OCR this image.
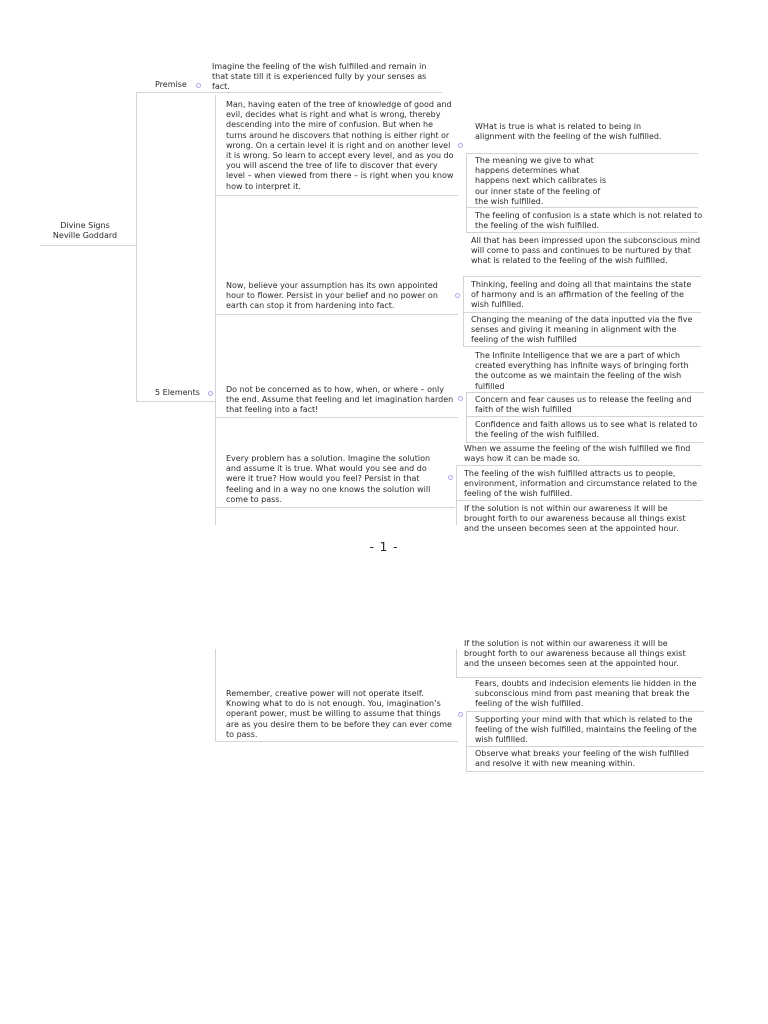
Divine Signs
Neville Goddard
Premise
Imagine the feeling of the wish fulfilled and remain in that state till it is experienced fully by your senses as fact.
5 Elements
Man, having eaten of the tree of knowledge of good and evil, decides what is right and what is wrong, thereby descending into the mire of confusion. But when he turns around he discovers that nothing is either right or wrong. On a certain level it is right and on another level it is wrong. So learn to accept every level, and as you do you will ascend the tree of life to discover that every level – when viewed from there – is right when you know how to interpret it.
WHat is true is what is related to being in alignment with the feeling of the wish fulfilled.
The meaning we give to what happens determines what happens next which calibrates is our inner state of the feeling of the wish fulfilled.
The feeling of confusion is a state which is not related to the feeling of the wish fulfilled.
Now, believe your assumption has its own appointed hour to flower. Persist in your belief and no power on earth can stop it from hardening into fact.
All that has been impressed upon the subconscious mind will come to pass and continues to be nurtured by that what is related to the feeling of the wish fulfilled.
Thinking, feeling and doing all that maintains the state of harmony and is an affirmation of the feeling of the wish fulfilled.
Changing the meaning of the data inputted via the five senses and giving it meaning in alignment with the feeling of the wish fulfilled
Do not be concerned as to how, when, or where – only the end. Assume that feeling and let imagination harden that feeling into a fact!
The Infinite Intelligence that we are a part of which created everything has infinite ways of bringing forth the outcome as we maintain the feeling of the wish fulfilled
Concern and fear causes us to release the feeling and faith of the wish fulfilled
Confidence and faith allows us to see what is related to the feeling of the wish fulfilled.
Every problem has a solution. Imagine the solution and assume it is true. What would you see and do were it true? How would you feel? Persist in that feeling and in a way no one knows the solution will come to pass.
When we assume the feeling of the wish fulfilled we find ways how it can be made so.
The feeling of the wish fulfilled attracts us to people, environment, information and circumstance related to the feeling of the wish fulfilled.
If the solution is not within our awareness it will be brought forth to our awareness because all things exist and the unseen becomes seen at the appointed hour.
- 1 -
If the solution is not within our awareness it will be brought forth to our awareness because all things exist and the unseen becomes seen at the appointed hour.
Remember, creative power will not operate itself. Knowing what to do is not enough. You, imagination’s operant power, must be willing to assume that things are as you desire them to be before they can ever come to pass.
Fears, doubts and indecision elements lie hidden in the subconscious mind from past meaning that break the feeling of the wish fulfilled.
Supporting your mind with that which is related to the feeling of the wish fulfilled, maintains the feeling of the wish fulfilled.
Observe what breaks your feeling of the wish fulfilled and resolve it with new meaning within.
